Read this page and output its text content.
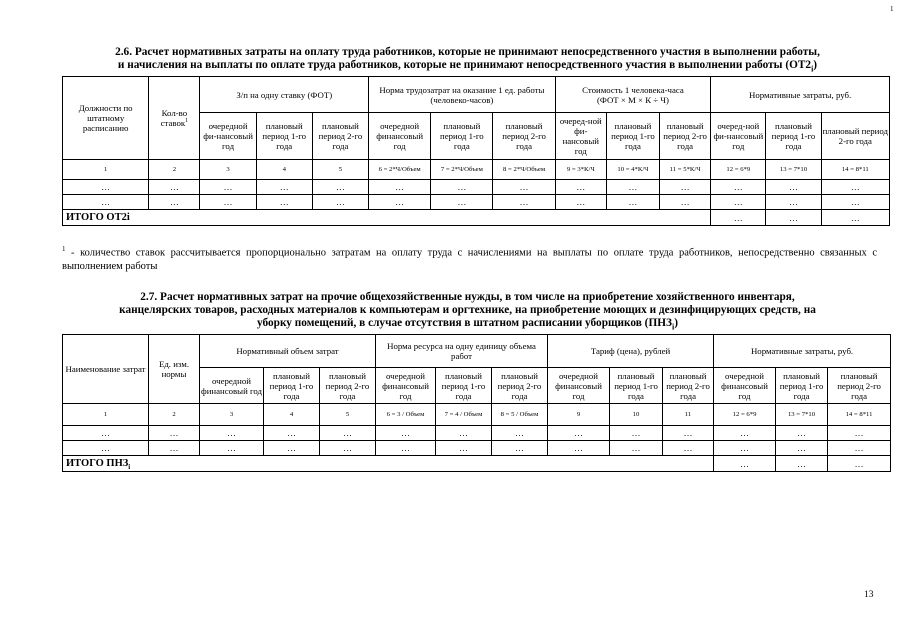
1
2.6. Расчет нормативных затраты на оплату труда работников, которые не принимают непосредственного участия в выполнении работы,
и начисления на выплаты по оплате труда работников, которые не принимают непосредственного участия в выполнении работы $(ОТ2_i)$
Должности по штатному расписанию	Кол-во ставок$^1$	З/п на одну ставку (ФОТ)			Норма трудозатрат на оказание 1 ед. работы (человеко-часов)			Стоимость 1 человека-часа
(ФОТ × М × К ÷ Ч)			Нормативные затраты, руб.		
		очередной фи-нансовый год	плановый период 1-го года	плановый период 2-го года	очередной финансовый год	плановый период 1-го года	плановый период 2-го года	очеред-ной фи-нансовый год	плановый период 1-го года	плановый период 2-го года	очеред-ной фи-нансовый год	плановый период 1-го года	плановый период 2-го года
1	2	3	4	5	6 = 2*Ч/Объем	7 = 2*Ч/Объем	8 = 2*Ч/Объем	9 = 3*К/Ч	10 = 4*К/Ч	11 = 5*К/Ч	12 = 6*9	13 = 7*10	14 = 8*11
…	…	…	…	…	…	…	…	…	…	…	…	…	…
…	…	…	…	…	…	…	…	…	…	…	…	…	…
ИТОГО ОТ2i											…	…	…
$^1$ - количество ставок рассчитывается пропорционально затратам на оплату труда с начислениями на выплаты по оплате труда работников, непосредственно связанных с выполнением работы
2.7. Расчет нормативных затрат на прочие общехозяйственные нужды, в том числе на приобретение хозяйственного инвентаря,
канцелярских товаров, расходных материалов к компьютерам и оргтехнике, на приобретение моющих и дезинфицирующих средств, на
уборку помещений, в случае отсутствия в штатном расписании уборщиков $(ПНЗ_i)$
Наименование затрат	Ед. изм. нормы	Нормативный объем затрат			Норма ресурса на одну единицу объема работ			Тариф (цена), рублей			Нормативные затраты, руб.		
		очередной финансовый год	плановый период 1-го года	плановый период 2-го года	очередной финансовый год	плановый период 1-го года	плановый период 2-го года	очередной финансовый год	плановый период 1-го года	плановый период 2-го года	очередной финансовый год	плановый период 1-го года	плановый период 2-го года
1	2	3	4	5	6 = 3 / Объем	7 = 4 / Объем	8 = 5 / Объем	9	10	11	12 = 6*9	13 = 7*10	14 = 8*11
…	…	…	…	…	…	…	…	…	…	…	…	…	…
…	…	…	…	…	…	…	…	…	…	…	…	…	…
ИТОГО $ПНЗ_i$											…	…	…
13
